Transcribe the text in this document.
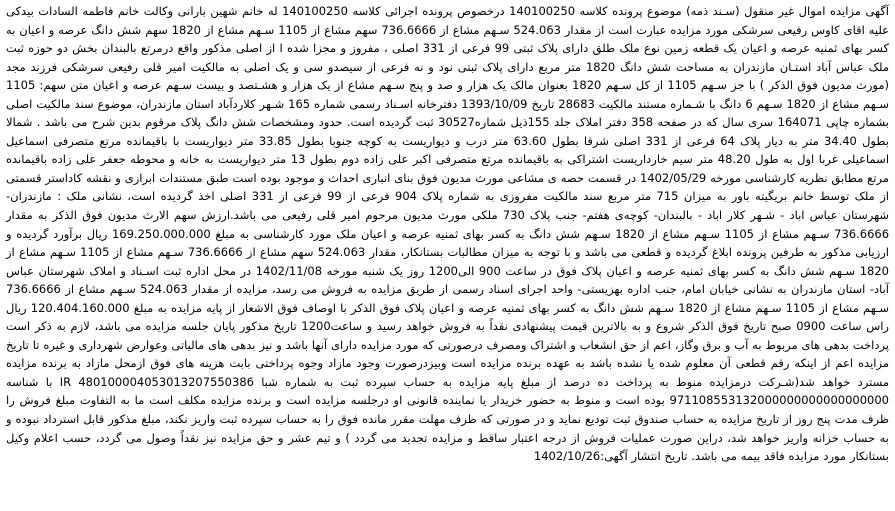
آگهی مزایده اموال غیر منقول (سـند ذمه) موضوع پرونده کلاسه 140100250 درخصوص پرونده اجرائی کلاسه 140100250 له خانم شهین بارانی وکالت خانم فاطمه السادات بیدکی علیه اقای کاوس رفیعی سرشکی مورد مزایده عبارت است از مقدار 524.063 سـهم مشاع از 736.6666 سهم مشاع از 1105 سـهم مشاع از 1820 سهم شش دانگ عرصه و اعیان به کسر بهای ثمنیه عرصه و اعیان یک قطعه زمین نوع ملک طلق دارای پلاک ثبتی 99 فرعی از 331 اصلی ، مفروز و مجزا شده ا از اصلی مذکور واقع درمرتع بالبندان بخش دو حوزه ثبت ملک عباس آباد استـان مازندران به مساحت شش دانگ 1820 متر مربع دارای پلاک ثبتی نود و نه فرعی از سیصدو سی و یک اصلی به مالکیت امیر قلی رفیعی سرشکی فرزند مجد (مورث مدیون فوق الذکر ) با جز سـهم 1105 از کل سـهم 1820 بعنوان مالک یک هزار و صد و پنج سـهم مشاع از یک هزار و هشـتصد و بیست سـهم عرصه و اعیان متن سهم: 1105 سـهم مشاع از 1820 سـهم 6 دانگ با شـماره مستند مالکیت 28683 تاریخ 1393/10/09 دفترخانه اسـناد رسمی شماره 165 شـهر کلاردآباد استان مازندران، موضوع سند مالکیت اصلی بشماره چاپی 164071 سری سال که در صفحه 358 دفتر املاک جلد 155ذیل شماره30527 ثبت گردیده است. حدود ومشخصات شش دانگ پلاک مرقوم بدین شرح می باشد . شمالا بطول 34.40 متر به دیار پلاک 64 فرعی از 331 اصلی شرقا بطول 63.60 متر درب و دیواریست به کوچه جنوبا بطول 33.85 متر دیواریست با باقیمانده مرتع متصرفی اسماعیل اسماعیلی غربا اول به طول 48.20 متر سیم خارداریست اشتراکی به باقیمانده مرتع متصرفی اکبر علی زاده دوم بطول 13 متر دیواریست به خانه و محوطه جعفر علی زاده باقیمانده مرتع مطابق نظریه کارشناسی مورخه 1402/05/29 در قسمت حصه ی مشاعی مورث مدیون فوق بنای انباری احداث و موجود بوده است طبق مستندات ابرازی و نقشه کاداستر قسمتی از ملک توسط خانم بریگیته باور به میزان 715 متر مربع سند مالکیت مفروزی به شماره پلاک 904 فرعی از 99 فرعی از 331 اصلی اخذ گردیده است، نشانی ملک : مازندران- شهرستان عباس اباد - شـهر کلار اباد - بالبندان- کوچه‌ی هفتم- جنب پلاک 730 ملکی مورث مدیون مرحوم امیر قلی رفیعی می باشد.ارزش سهم الارث مدیون فوق الذکر به مقدار 736.6666 سـهم مشاع از 1105 سـهم مشاع از 1820 سـهم شش دانگ به کسر بهای ثمنیه عرصه و اعیان ملک مورد کارشناسی به مبلغ 169.250.000.000 ریال برآورد گردیده و ارزیابی مذکور به طرفین پرونده ابلاغ گردیده و قطعی می باشد و با توجه به میزان مطالبات بستانکار، مقدار 524.063 سهم مشاع از 736.6666 سـهم مشاع از 1105 سـهم مشاع از 1820 سـهم شش دانگ به کسر بهای ثمنیه عرصه و اعیان پلاک فوق در ساعت 900 الی1200 روز یک شنبه مورخه 1402/11/08 در محل اداره ثبت اسـناد و املاک شهرستان عباس آباد- استان مازندران به نشانی خیابان امام، جنب اداره بهزیستی- واحد اجرای اسناد رسمی از طریق مزایده به فروش می رسد، مزایده از مقدار 524.063 سـهم مشاع از 736.6666 سـهم مشاع از 1105 سـهم مشاع از 1820 سـهم شش دانگ به کسر بهای ثمنیه عرصه و اعیان پلاک فوق الذکر با اوصاف فوق الاشعار از پایه مزایده به مبلغ 120.404.160.000 ریال راس ساعت 0900 صبح تاریخ فوق الذکر شروع و به بالاترین قیمت پیشنهادی نقداً به فروش خواهد رسید و ساعت1200 تاریخ مذکور پایان جلسه مزایده می باشد، لازم به ذکر است پرداخت بدهی های مربوط به آب و برق وگاز، اعم از حق انشعاب و اشتراک ومصرف درصورتی که مورد مزایده دارای آنها باشد و نیز بدهی های مالیاتی وعوارض شهرداری و غیره تا تاریخ مزایده اعم از اینکه رقم قطعی آن معلوم شده یا نشده باشد به عهده برنده مزایده است وبیزدرصورت وجود مازاد وجوه پرداختی بابت هزینه های فوق ازمحل مازاد به برنده مزایده مسترد خواهد شد(شـرکت درمزایده منوط به پرداخت ده درصد از مبلغ پایه مزایده به حساب سپرده ثبت به شماره شبا IR 480100004053013207550386 با شناسه 971108553132000000000000000000 بوده است و منوط به حضور خریدار یا نماینده قانونی او درجلسه مزایده است و برنده مزایده مکلف است ما به التفاوت مبلغ فروش را ظرف مدت پنج روز از تاریخ مزایده به حساب صندوق ثبت تودیع نماید و در صورتی که ظرف مهلت مقرر مانده فوق را به حساب سپرده ثبت واریز نکند، مبلغ مذکور قابل استرداد نبوده و به حساب خزانه واریز خواهد شد، دراین صورت عملیات فروش از درجه اعتبار ساقط و مزایده تجدید می گردد ) و تیم عشر و حق مزایده نیز نقداً وصول می گردد، حسب اعلام وکیل بستانکار مورد مزایده فاقد بیمه می باشد. تاریخ انتشار آگهی:1402/10/26
